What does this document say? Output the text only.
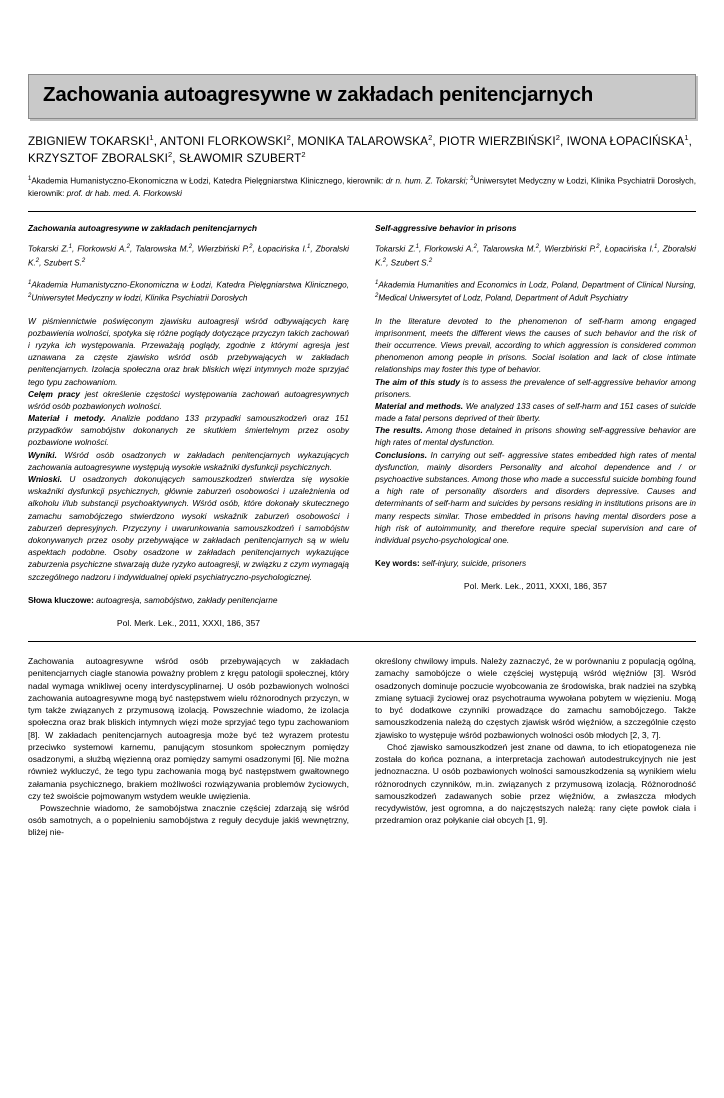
Zachowania autoagresywne w zakładach penitencjarnych
ZBIGNIEW TOKARSKI$^1$, ANTONI FLORKOWSKI$^2$, MONIKA TALAROWSKA$^2$, PIOTR WIERZBIŃSKI$^2$, IWONA ŁOPACIŃSKA$^1$, KRZYSZTOF ZBORALSKI$^2$, SŁAWOMIR SZUBERT$^2$
$^1$Akademia Humanistyczno-Ekonomiczna w Łodzi, Katedra Pielęgniarstwa Klinicznego, kierownik: dr n. hum. Z. Tokarski; $^2$Uniwersytet Medyczny w Łodzi, Klinika Psychiatrii Dorosłych, kierownik: prof. dr hab. med. A. Florkowski
Zachowania autoagresywne w zakładach penitencjarnych
Tokarski Z.$^1$, Florkowski A.$^2$, Talarowska M.$^2$, Wierzbiński P.$^2$, Łopacińska I.$^1$, Zboralski K.$^2$, Szubert S.$^2$
$^1$Akademia Humanistyczno-Ekonomiczna w Łodzi, Katedra Pielęgniarstwa Klinicznego, $^2$Uniwersytet Medyczny w łodzi, Klinika Psychiatrii Dorosłych

W piśmiennictwie poświęconym zjawisku autoagresji wśród odbywających karę pozbawienia wolności, spotyka się różne poglądy dotyczące przyczyn takich zachowań i ryzyka ich występowania. Przeważają poglądy, zgodnie z którymi agresja jest uznawana za częste zjawisko wśród osób przebywających w zakładach penitencjarnych. Izolacja społeczna oraz brak bliskich więzi intymnych może sprzyjać tego typu zachowaniom.

Celęm pracy jest określenie częstości występowania zachowań autoagresywnych wśród osób pozbawionych wolności.

Materiał i metody. Analizie poddano 133 przypadki samouszkodzeń oraz 151 przypadków samobójstw dokonanych ze skutkiem śmiertelnym przez osoby pozbawione wolności.

Wyniki. Wśród osób osadzonych w zakładach penitencjarnych wykazujących zachowania autoagresywne występują wysokie wskaźniki dysfunkcji psychicznych.

Wnioski. U osadzonych dokonujących samouszkodzeń stwierdza się wysokie wskaźniki dysfunkcji psychicznych, głównie zaburzeń osobowości i uzależnienia od alkoholu i/lub substancji psychoaktywnych. Wśród osób, które dokonały skutecznego zamachu samobójczego stwierdzono wysoki wskaźnik zaburzeń osobowości i zaburzeń depresyjnych. Przyczyny i uwarunkowania samouszkodzeń i samobójstw dokonywanych przez osoby przebywające w zakładach penitencjarnych są w wielu aspektach podobne. Osoby osadzone w zakładach penitencjarnych wykazujące zaburzenia psychiczne stwarzają duże ryzyko autoagresji, w związku z czym wymagają szczególnego nadzoru i indywidualnej opieki psychiatryczno-psychologicznej.

Słowa kluczowe: autoagresja, samobójstwo, zakłady penitencjarne
Pol. Merk. Lek., 2011, XXXI, 186, 357
Self-aggressive behavior in prisons
Tokarski Z.$^1$, Florkowski A.$^2$, Talarowska M.$^2$, Wierzbiński P.$^2$, Łopacińska I.$^1$, Zboralski K.$^2$, Szubert S.$^2$
$^1$Akademia Humanities and Economics in Lodz, Poland, Department of Clinical Nursing, $^2$Medical Uniwersytet of Lodz, Poland, Department of Adult Psychiatry

In the literature devoted to the phenomenon of self-harm among engaged imprisonment, meets the different views the causes of such behavior and the risk of their occurrence. Views prevail, according to which aggression is considered common phenomenon among people in prisons. Social isolation and lack of close intimate relationships may foster this type of behavior.

The aim of this study is to assess the prevalence of self-aggressive behavior among prisoners.

Material and methods. We analyzed 133 cases of self-harm and 151 cases of suicide made a fatal persons deprived of their liberty.

The results. Among those detained in prisons showing self-aggressive behavior are high rates of mental dysfunction.

Conclusions. In carrying out self- aggressive states embedded high rates of mental dysfunction, mainly disorders Personality and alcohol dependence and / or psychoactive substances. Among those who made a successful suicide bombing found a high rate of personality disorders and disorders depressive. Causes and determinants of self-harm and suicides by persons residing in institutions prisons are in many respects similar. Those embedded in prisons having mental disorders pose a high risk of autoimmunity, and therefore require special supervision and care of individual psycho-psychological one.

Key words: self-injury, suicide, prisoners
Pol. Merk. Lek., 2011, XXXI, 186, 357

Zachowania autoagresywne wśród osób przebywających w zakładach penitencjarnych ciagle stanowia poważny problem z kręgu patologii społecznej, który nadal wymaga wnikliwej oceny interdyscyplinarnej. U osób pozbawionych wolności zachowania autoagresywne mogą być następstwem wielu różnorodnych przyczyn, w tym także związanych z przymusową izolacją. Powszechnie wiadomo, że izolacja społeczna oraz brak bliskich intymnych więzi może sprzyjać tego typu zachowaniom [8]. W zakładach penitencjarnych autoagresja może być też wyrazem protestu przeciwko systemowi karnemu, panującym stosunkom społecznym pomiędzy osadzonymi, a służbą więzienną oraz pomiędzy samymi osadzonymi [6]. Nie można również wykluczyć, że tego typu zachowania mogą być następstwem gwałtownego załamania psychicznego, brakiem możliwości rozwiązywania problemów życiowych, czy też swoiście pojmowanym wstydem weukle uwięzienia.

Powszechnie wiadomo, że samobójstwa znacznie częściej zdarzają się wśród osób samotnych, a o popelnieniu samobójstwa z reguły decyduje jakiś wewnętrzny, bliżej nie-

określony chwilowy impuls. Należy zaznaczyć, że w porównaniu z populacją ogólną, zamachy samobójcze o wiele częściej występują wśród więźniów [3]. Wsród osadzonych dominuje poczucie wyobcowania ze środowiska, brak nadziei na szybką zmianę sytuacji życiowej oraz psychotrauma wywołana pobytem w więzieniu. Mogą to być dodatkowe czynniki prowadzące do zamachu samobójczego. Także samouszkodzenia należą do częstych zjawisk wśród więźniów, a szczególnie często zjawisko to występuje wśród pozbawionych wolności osób młodych [2, 3, 7].

Choć zjawisko samouszkodzeń jest znane od dawna, to ich etiopatogeneza nie została do końca poznana, a interpretacja zachowań autodestrukcyjnych nie jest jednoznaczna. U osób pozbawionych wolności samouszkodzenia są wynikiem wielu różnorodnych czynników, m.in. związanych z przymusową izolacją. Różnorodność samouszkodzeń zadawanych sobie przez więźniów, a zwłaszcza młodych recydywistów, jest ogromna, a do najczęstszych należą: rany cięte powłok ciała i przedramion oraz połykanie ciał obcych [1, 9].
